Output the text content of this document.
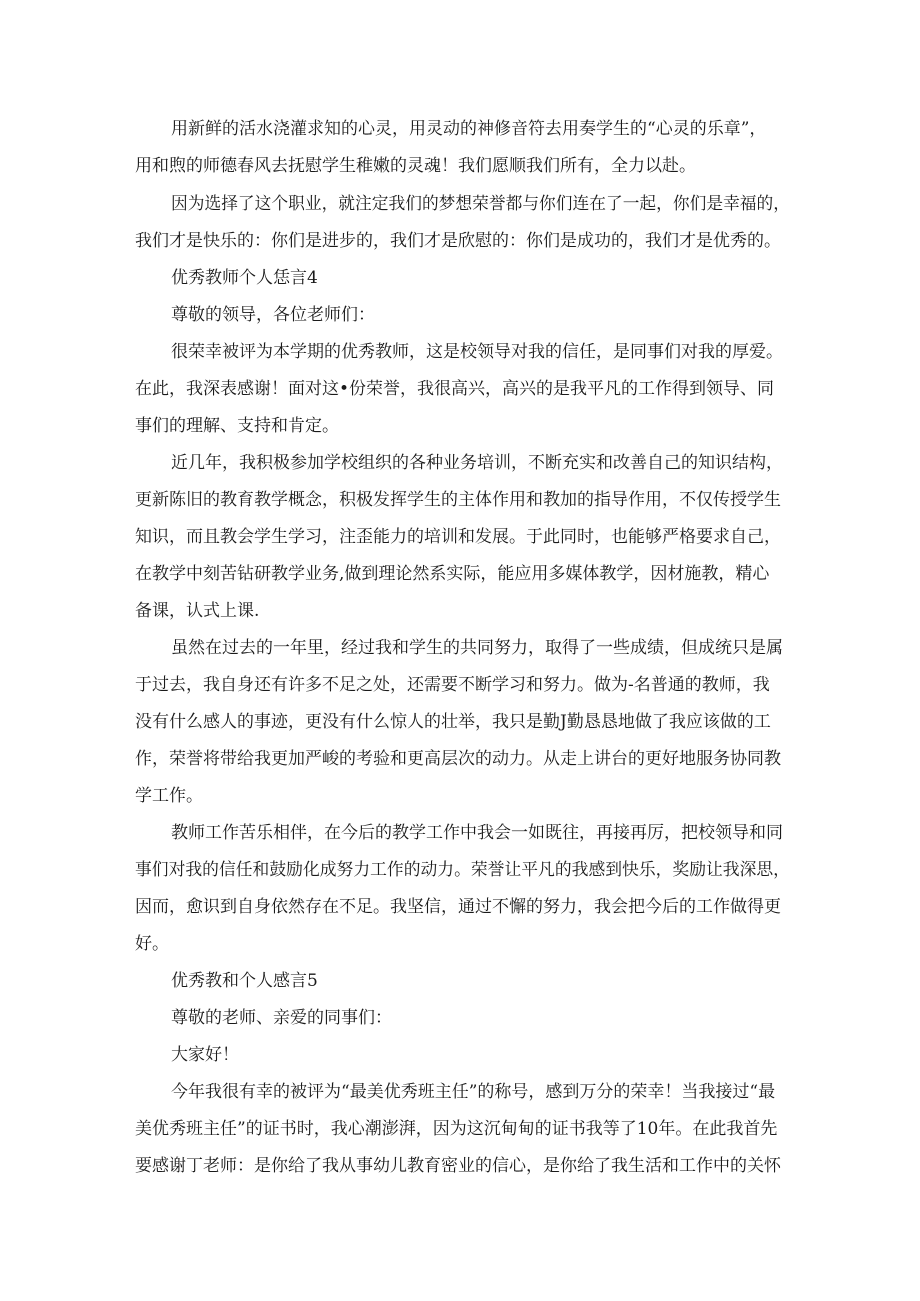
用新鲜的活水浇灌求知的心灵，用灵动的神修音符去用奏学生的“心灵的乐章”，
用和煦的师德春风去抚慰学生稚嫩的灵魂！我们愿顺我们所有，全力以赴。
因为选择了这个职业，就注定我们的梦想荣誉都与你们连在了一起，你们是幸福的，
我们才是快乐的：你们是进步的，我们才是欣慰的：你们是成功的，我们才是优秀的。
优秀教师个人恁言4
尊敬的领导，各位老师们：
很荣幸被评为本学期的优秀教师，这是校领导对我的信任，是同事们对我的厚爱。
在此，我深表感谢！面对这•份荣誉，我很高兴，高兴的是我平凡的工作得到领导、同
事们的理解、支持和肯定。
近几年，我积极参加学校组织的各种业务培训，不断充实和改善自己的知识结构，
更新陈旧的教育教学概念，积极发挥学生的主体作用和教加的指导作用，不仅传授学生
知识，而且教会学生学习，注歪能力的培训和发展。于此同时，也能够严格要求自己，
在教学中刻苦钻研教学业务,做到理论然系实际，能应用多媒体教学，因材施教，精心
备课，认式上课.
虽然在过去的一年里，经过我和学生的共同努力，取得了一些成绩，但成统只是属
于过去，我自身还有许多不足之处，还需要不断学习和努力。做为-名普通的教师，我
没有什么感人的事迹，更没有什么惊人的壮举，我只是勤J勤恳恳地做了我应该做的工
作，荣誉将带给我更加严峻的考验和更高层次的动力。从走上讲台的更好地服务协同教
学工作。
教师工作苦乐相伴，在今后的教学工作中我会一如既往，再接再厉，把校领导和同
事们对我的信任和鼓励化成努力工作的动力。荣誉让平凡的我感到快乐，奖励让我深思，
因而，愈识到自身依然存在不足。我坚信，通过不懈的努力，我会把今后的工作做得更
好。
优秀教和个人感言5
尊敬的老师、亲爱的同事们：
大家好！
今年我很有幸的被评为“最美优秀班主任”的称号，感到万分的荣幸！当我接过“最
美优秀班主任”的证书时，我心潮澎湃，因为这沉甸甸的证书我等了10年。在此我首先
要感谢丁老师：是你给了我从事幼儿教育密业的信心，是你给了我生活和工作中的关怀
